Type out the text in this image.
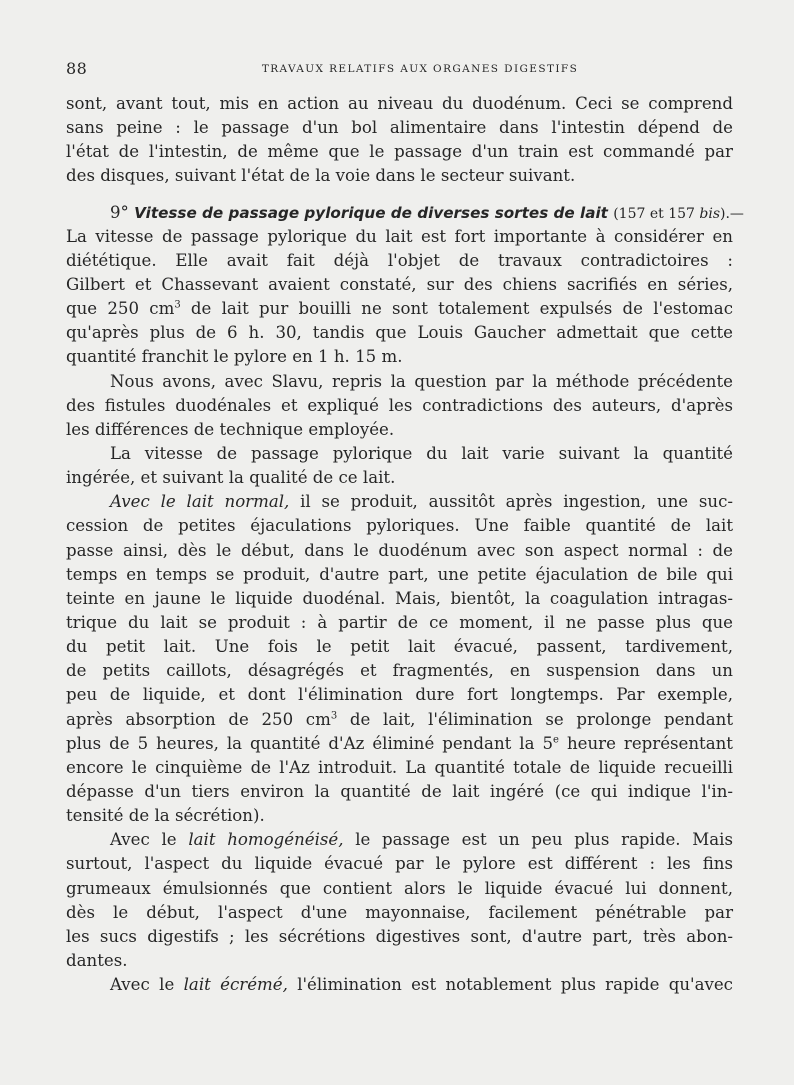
88	TRAVAUX RELATIFS AUX ORGANES DIGESTIFS
sont, avant tout, mis en action au niveau du duodénum. Ceci se comprend
sans peine : le passage d'un bol alimentaire dans l'intestin dépend de
l'état de l'intestin, de même que le passage d'un train est commandé par
des disques, suivant l'état de la voie dans le secteur suivant.
9° Vitesse de passage pylorique de diverses sortes de lait (157 et 157 bis).—
La vitesse de passage pylorique du lait est fort importante à considérer en
diététique. Elle avait fait déjà l'objet de travaux contradictoires :
Gilbert et Chassevant avaient constaté, sur des chiens sacrifiés en séries,
que 250 $cm^3$ de lait pur bouilli ne sont totalement expulsés de l'estomac
qu'après plus de 6 h. 30, tandis que Louis Gaucher admettait que cette
quantité franchit le pylore en 1 h. 15 m.
Nous avons, avec Slavu, repris la question par la méthode précédente
des fistules duodénales et expliqué les contradictions des auteurs, d'après
les différences de technique employée.
La vitesse de passage pylorique du lait varie suivant la quantité
ingérée, et suivant la qualité de ce lait.
Avec le lait normal, il se produit, aussitôt après ingestion, une suc-
cession de petites éjaculations pyloriques. Une faible quantité de lait
passe ainsi, dès le début, dans le duodénum avec son aspect normal : de
temps en temps se produit, d'autre part, une petite éjaculation de bile qui
teinte en jaune le liquide duodénal. Mais, bientôt, la coagulation intragas-
trique du lait se produit : à partir de ce moment, il ne passe plus que
du petit lait. Une fois le petit lait évacué, passent, tardivement,
de petits caillots, désagrégés et fragmentés, en suspension dans un
peu de liquide, et dont l'élimination dure fort longtemps. Par exemple,
après absorption de 250 $cm^3$ de lait, l'élimination se prolonge pendant
plus de 5 heures, la quantité d'Az éliminé pendant la 5e heure représentant
encore le cinquième de l'Az introduit. La quantité totale de liquide recueilli
dépasse d'un tiers environ la quantité de lait ingéré (ce qui indique l'in-
tensité de la sécrétion).
Avec le lait homogénéisé, le passage est un peu plus rapide. Mais
surtout, l'aspect du liquide évacué par le pylore est différent : les fins
grumeaux émulsionnés que contient alors le liquide évacué lui donnent,
dès le début, l'aspect d'une mayonnaise, facilement pénétrable par
les sucs digestifs ; les sécrétions digestives sont, d'autre part, très abon-
dantes.
Avec le lait écrémé, l'élimination est notablement plus rapide qu'avec
